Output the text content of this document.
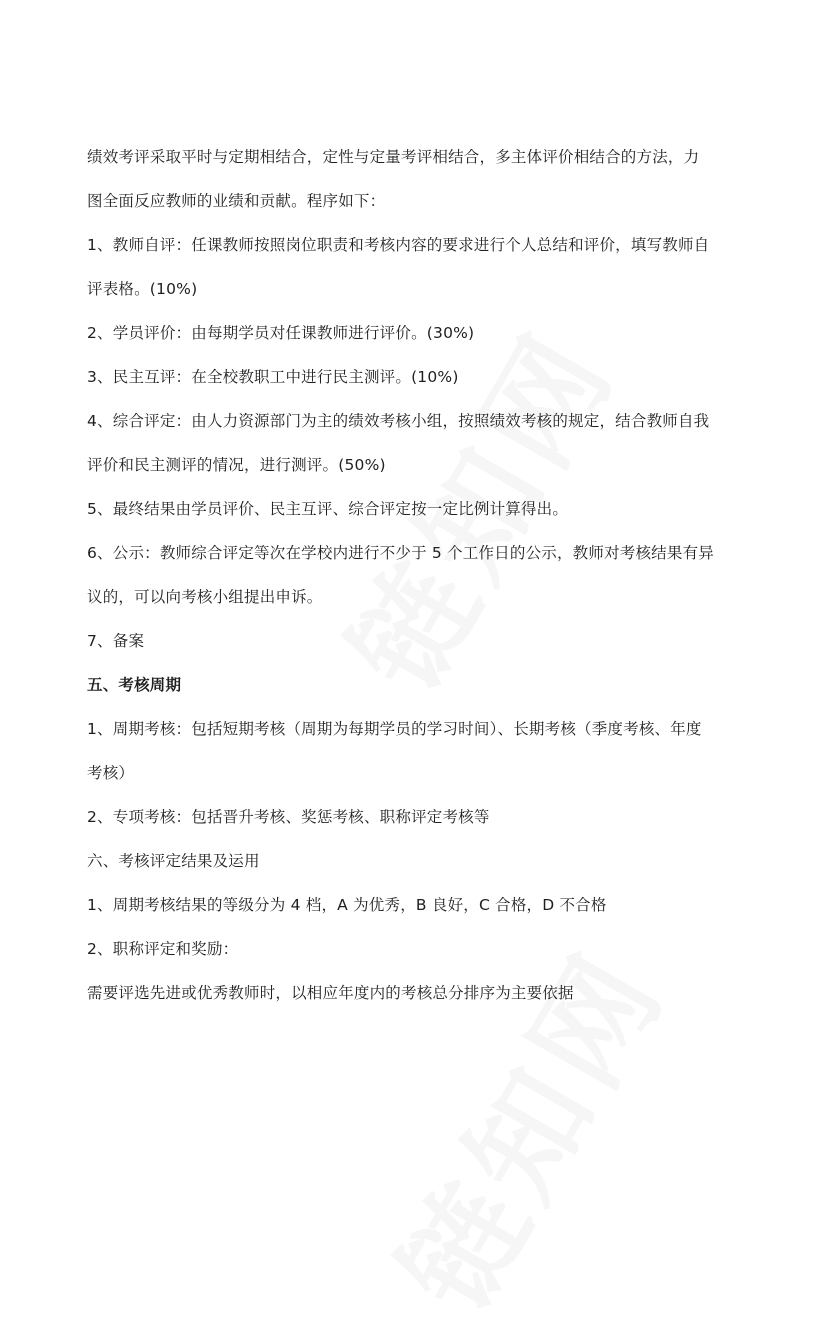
绩效考评采取平时与定期相结合，定性与定量考评相结合，多主体评价相结合的方法，力

图全面反应教师的业绩和贡献。程序如下：

1、教师自评：任课教师按照岗位职责和考核内容的要求进行个人总结和评价，填写教师自

评表格。(10%)

2、学员评价：由每期学员对任课教师进行评价。(30%)

3、民主互评：在全校教职工中进行民主测评。(10%)

4、综合评定：由人力资源部门为主的绩效考核小组，按照绩效考核的规定，结合教师自我

评价和民主测评的情况，进行测评。(50%)

5、最终结果由学员评价、民主互评、综合评定按一定比例计算得出。

6、公示：教师综合评定等次在学校内进行不少于 5 个工作日的公示，教师对考核结果有异

议的，可以向考核小组提出申诉。

7、备案

五、考核周期

1、周期考核：包括短期考核（周期为每期学员的学习时间）、长期考核（季度考核、年度

考核）

2、专项考核：包括晋升考核、奖惩考核、职称评定考核等

六、考核评定结果及运用

1、周期考核结果的等级分为 4 档，A 为优秀，B 良好，C 合格，D 不合格

2、职称评定和奖励：

需要评选先进或优秀教师时，以相应年度内的考核总分排序为主要依据
